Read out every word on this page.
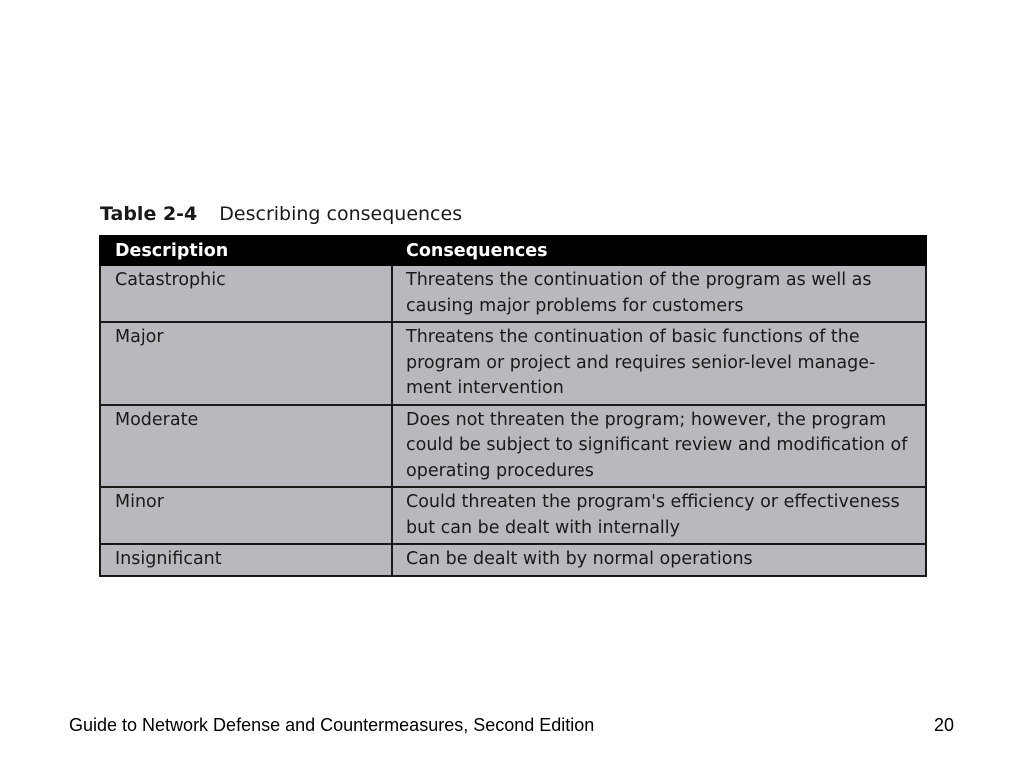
Table 2-4 Describing consequences
Description	Consequences
Catastrophic	Threatens the continuation of the program as well as causing major problems for customers
Major	Threatens the continuation of basic functions of the program or project and requires senior-level manage-ment intervention
Moderate	Does not threaten the program; however, the program could be subject to significant review and modification of operating procedures
Minor	Could threaten the program's efficiency or effectiveness but can be dealt with internally
Insignificant	Can be dealt with by normal operations
Guide to Network Defense and Countermeasures, Second Edition	20
